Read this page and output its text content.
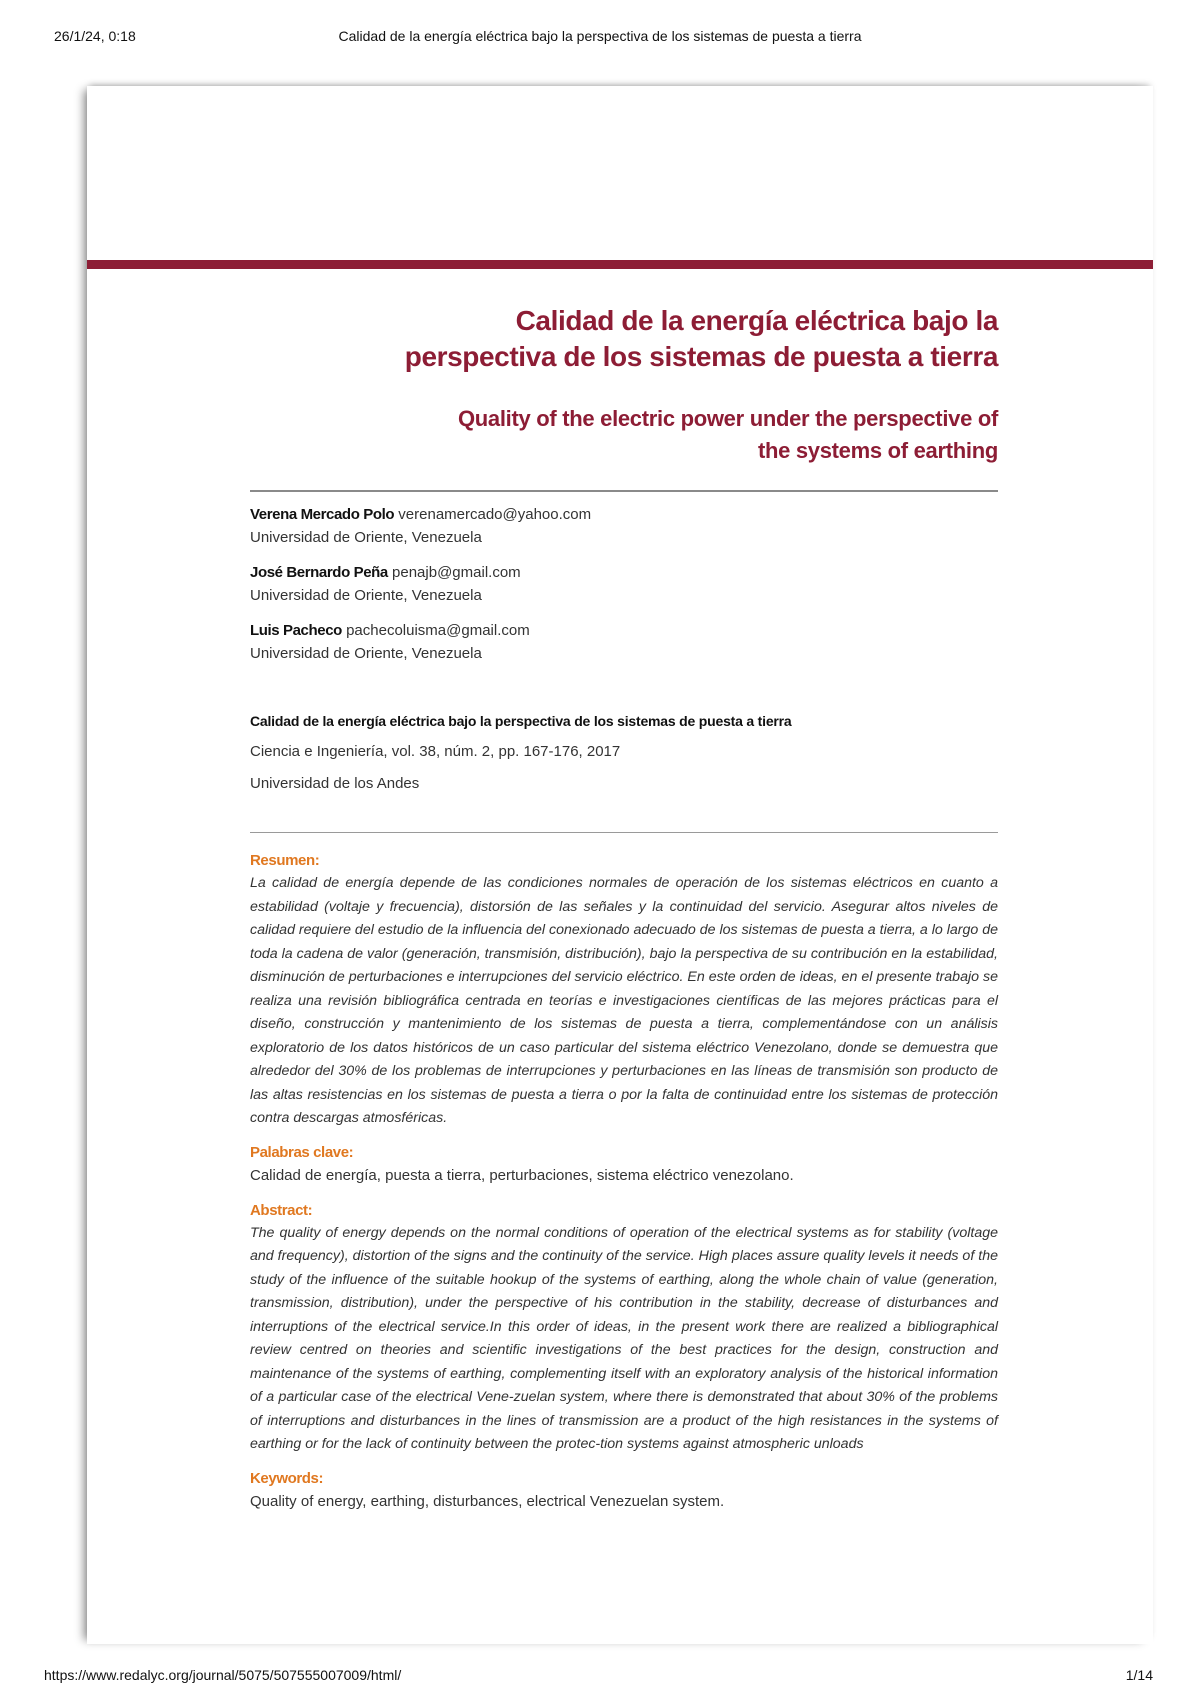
26/1/24, 0:18	Calidad de la energía eléctrica bajo la perspectiva de los sistemas de puesta a tierra
Calidad de la energía eléctrica bajo la
perspectiva de los sistemas de puesta a tierra
Quality of the electric power under the perspective of
the systems of earthing
Verena Mercado Polo verenamercado@yahoo.com
Universidad de Oriente, Venezuela
José Bernardo Peña penajb@gmail.com
Universidad de Oriente, Venezuela
Luis Pacheco pachecoluisma@gmail.com
Universidad de Oriente, Venezuela
Calidad de la energía eléctrica bajo la perspectiva de los sistemas de puesta a tierra
Ciencia e Ingeniería, vol. 38, núm. 2, pp. 167-176, 2017
Universidad de los Andes
Resumen:
La calidad de energía depende de las condiciones normales de operación de los sistemas eléctricos en cuanto a estabilidad (voltaje y frecuencia), distorsión de las señales y la continuidad del servicio. Asegurar altos niveles de calidad requiere del estudio de la influencia del conexionado adecuado de los sistemas de puesta a tierra, a lo largo de toda la cadena de valor (generación, transmisión, distribución), bajo la perspectiva de su contribución en la estabilidad, disminución de perturbaciones e interrupciones del servicio eléctrico. En este orden de ideas, en el presente trabajo se realiza una revisión bibliográfica centrada en teorías e investigaciones científicas de las mejores prácticas para el diseño, construcción y mantenimiento de los sistemas de puesta a tierra, complementándose con un análisis exploratorio de los datos históricos de un caso particular del sistema eléctrico Venezolano, donde se demuestra que alrededor del 30% de los problemas de interrupciones y perturbaciones en las líneas de transmisión son producto de las altas resistencias en los sistemas de puesta a tierra o por la falta de continuidad entre los sistemas de protección contra descargas atmosféricas.
Palabras clave:
Calidad de energía, puesta a tierra, perturbaciones, sistema eléctrico venezolano.
Abstract:
The quality of energy depends on the normal conditions of operation of the electrical systems as for stability (voltage and frequency), distortion of the signs and the continuity of the service. High places assure quality levels it needs of the study of the influence of the suitable hookup of the systems of earthing, along the whole chain of value (generation, transmission, distribution), under the perspective of his contribution in the stability, decrease of disturbances and interruptions of the electrical service.In this order of ideas, in the present work there are realized a bibliographical review centred on theories and scientific investigations of the best practices for the design, construction and maintenance of the systems of earthing, complementing itself with an exploratory analysis of the historical information of a particular case of the electrical Vene-zuelan system, where there is demonstrated that about 30% of the problems of interruptions and disturbances in the lines of transmission are a product of the high resistances in the systems of earthing or for the lack of continuity between the protec-tion systems against atmospheric unloads
Keywords:
Quality of energy, earthing, disturbances, electrical Venezuelan system.
https://www.redalyc.org/journal/5075/507555007009/html/	1/14
